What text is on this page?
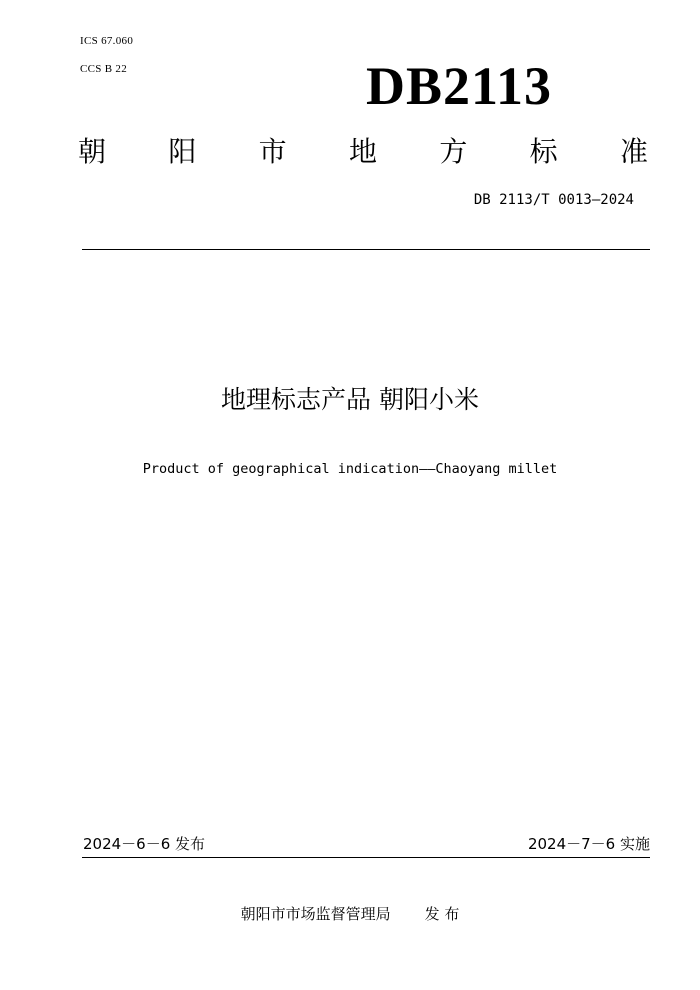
ICS 67.060
CCS B 22	DB2113
朝 阳 市 地 方 标 准
DB 2113/T 0013—2024
地理标志产品 朝阳小米
Product of geographical indication——Chaoyang millet
2024－6－6 发布	2024－7－6 实施
朝阳市市场监督管理局 发 布
